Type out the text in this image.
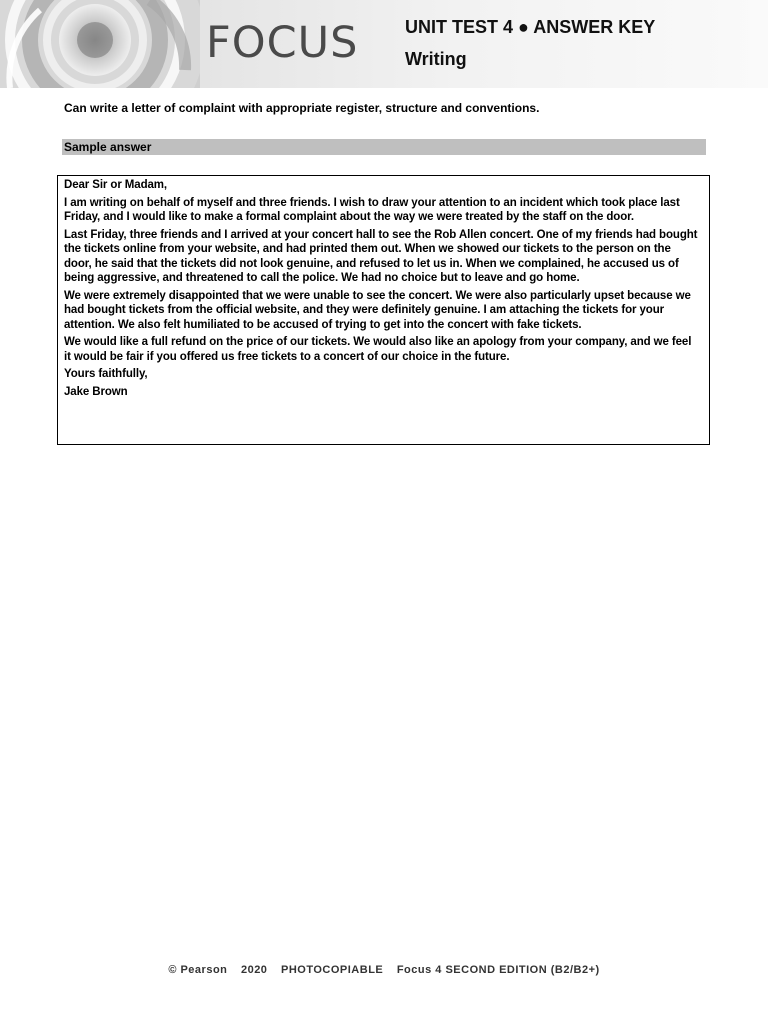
FOCUS	UNIT TEST 4 ● ANSWER KEY
Writing
Can write a letter of complaint with appropriate register, structure and conventions.
Sample answer

Dear Sir or Madam,

I am writing on behalf of myself and three friends. I wish to draw your attention to an incident which took place last Friday, and I would like to make a formal complaint about the way we were treated by the staff on the door.

Last Friday, three friends and I arrived at your concert hall to see the Rob Allen concert. One of my friends had bought the tickets online from your website, and had printed them out. When we showed our tickets to the person on the door, he said that the tickets did not look genuine, and refused to let us in. When we complained, he accused us of being aggressive, and threatened to call the police. We had no choice but to leave and go home.

We were extremely disappointed that we were unable to see the concert. We were also particularly upset because we had bought tickets from the official website, and they were definitely genuine. I am attaching the tickets for your attention. We also felt humiliated to be accused of trying to get into the concert with fake tickets.

We would like a full refund on the price of our tickets. We would also like an apology from your company, and we feel it would be fair if you offered us free tickets to a concert of our choice in the future.

Yours faithfully,

Jake Brown

© Pearson 2020 PHOTOCOPIABLE Focus 4 SECOND EDITION (B2/B2+)
